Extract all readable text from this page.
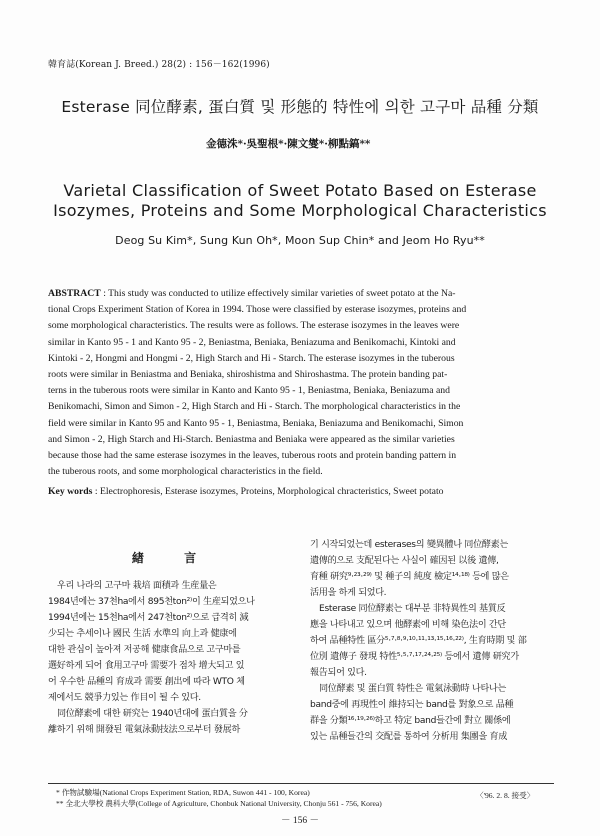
韓育誌(Korean J. Breed.) 28(2) : 156－162(1996)
Esterase 同位酵素, 蛋白質 및 形態的 特性에 의한 고구마 品種 分類
金德洙*·吳聖根*·陳文燮*·柳點鎬**
Varietal Classification of Sweet Potato Based on Esterase
Isozymes, Proteins and Some Morphological Characteristics
Deog Su Kim*, Sung Kun Oh*, Moon Sup Chin* and Jeom Ho Ryu**
ABSTRACT : This study was conducted to utilize effectively similar varieties of sweet potato at the Na-
tional Crops Experiment Station of Korea in 1994. Those were classified by esterase isozymes, proteins and
some morphological characteristics. The results were as follows. The esterase isozymes in the leaves were
similar in Kanto 95 - 1 and Kanto 95 - 2, Beniastma, Beniaka, Beniazuma and Benikomachi, Kintoki and
Kintoki - 2, Hongmi and Hongmi - 2, High Starch and Hi - Starch. The esterase isozymes in the tuberous
roots were similar in Beniastma and Beniaka, shiroshistma and Shiroshastma. The protein banding pat-
terns in the tuberous roots were similar in Kanto and Kanto 95 - 1, Beniastma, Beniaka, Beniazuma and
Benikomachi, Simon and Simon - 2, High Starch and Hi - Starch. The morphological characteristics in the
field were similar in Kanto 95 and Kanto 95 - 1, Beniastma, Beniaka, Beniazuma and Benikomachi, Simon
and Simon - 2, High Starch and Hi-Starch. Beniastma and Beniaka were appeared as the similar varieties
because those had the same esterase isozymes in the leaves, tuberous roots and protein banding pattern in
the tuberous roots, and some morphological characteristics in the field.
Key words : Electrophoresis, Esterase isozymes, Proteins, Morphological chracteristics, Sweet potato
緖 言

우리 나라의 고구마 栽培 面積과 生産量은

1984년에는 37천ha에서 895천ton²⁾이 生産되었으나

1994년에는 15천ha에서 247천ton²⁾으로 급격히 減

少되는 추세이나 國民 生活 水準의 向上과 健康에

대한 관심이 높아져 저공해 健康食品으로 고구마를

選好하게 되어 食用고구마 需要가 점차 增大되고 있

어 우수한 品種의 育成과 需要 創出에 따라 WTO 체

제에서도 競爭力있는 作目이 될 수 있다.

同位酵素에 대한 研究는 1940년대에 蛋白質을 分

離하기 위해 開發된 電氣泳動技法으로부터 發展하

기 시작되었는데 esterases의 變異體나 同位酵素는

遺傳的으로 支配된다는 사실이 確因된 以後 遺傳,

育種 研究⁹·²³·²⁹⁾ 및 種子의 純度 檢定¹⁴·¹⁸⁾ 등에 많은

活用을 하게 되었다.

Esterase 同位酵素는 대부분 非特異性의 基質反

應을 나타내고 있으며 他酵素에 비해 染色法이 간단

하여 品種特性 區分⁵·⁷·⁸·⁹·¹⁰·¹¹·¹³·¹⁵·¹⁶·²²⁾, 生育時期 및 部

位別 遺傳子 發現 特性⁵·⁵·⁷·¹⁷·²⁴·²⁵⁾ 등에서 遺傳 研究가

報告되어 있다.

同位酵素 및 蛋白質 特性은 電氣泳動時 나타나는

band중에 再現性이 維持되는 band를 對象으로 品種

群을 分類¹⁶·¹⁹·²⁶⁾하고 特定 band들간에 對立 關係에

있는 品種들간의 交配를 통하여 分析用 集團을 育成

* 作物試驗場(National Crops Experiment Station, RDA, Suwon 441 - 100, Korea)
** 全北大學校 農科大學(College of Agriculture, Chonbuk National University, Chonju 561 - 756, Korea)
〈'96. 2. 8. 接受〉
－ 156 －
